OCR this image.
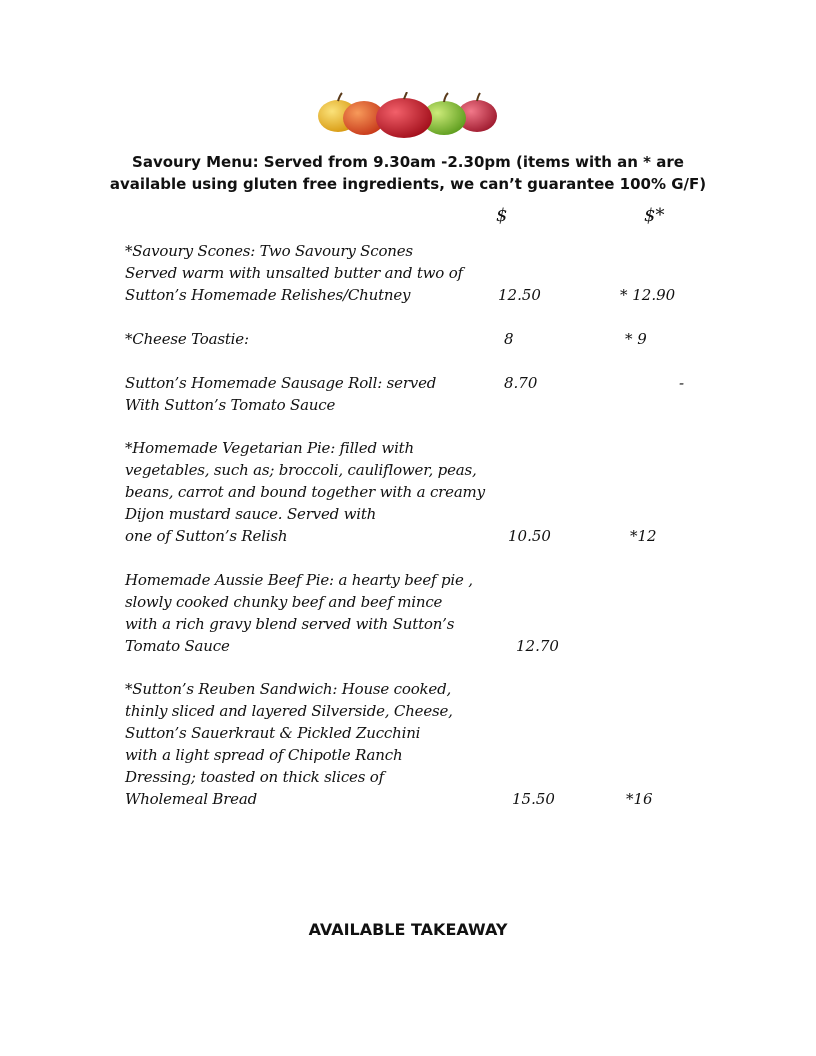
Savoury Menu: Served from 9.30am -2.30pm (items with an * are
available using gluten free ingredients, we can’t guarantee 100% G/F)
$	$*
*Savoury Scones: Two Savoury Scones
Served warm with unsalted butter and two of
Sutton’s Homemade Relishes/Chutney	12.50	* 12.90
*Cheese Toastie:	8	* 9
Sutton’s Homemade Sausage Roll: served
With Sutton’s Tomato Sauce
8.70	-
*Homemade Vegetarian Pie: filled with
vegetables, such as; broccoli, cauliflower, peas,
beans, carrot and bound together with a creamy
Dijon mustard sauce. Served with
one of Sutton’s Relish	10.50	*12
Homemade Aussie Beef Pie: a hearty beef pie ,
slowly cooked chunky beef and beef mince
with a rich gravy blend served with Sutton’s
Tomato Sauce	12.70
*Sutton’s Reuben Sandwich: House cooked,
thinly sliced and layered Silverside, Cheese,
Sutton’s Sauerkraut & Pickled Zucchini
with a light spread of Chipotle Ranch
Dressing; toasted on thick slices of
Wholemeal Bread	15.50	*16
AVAILABLE TAKEAWAY
